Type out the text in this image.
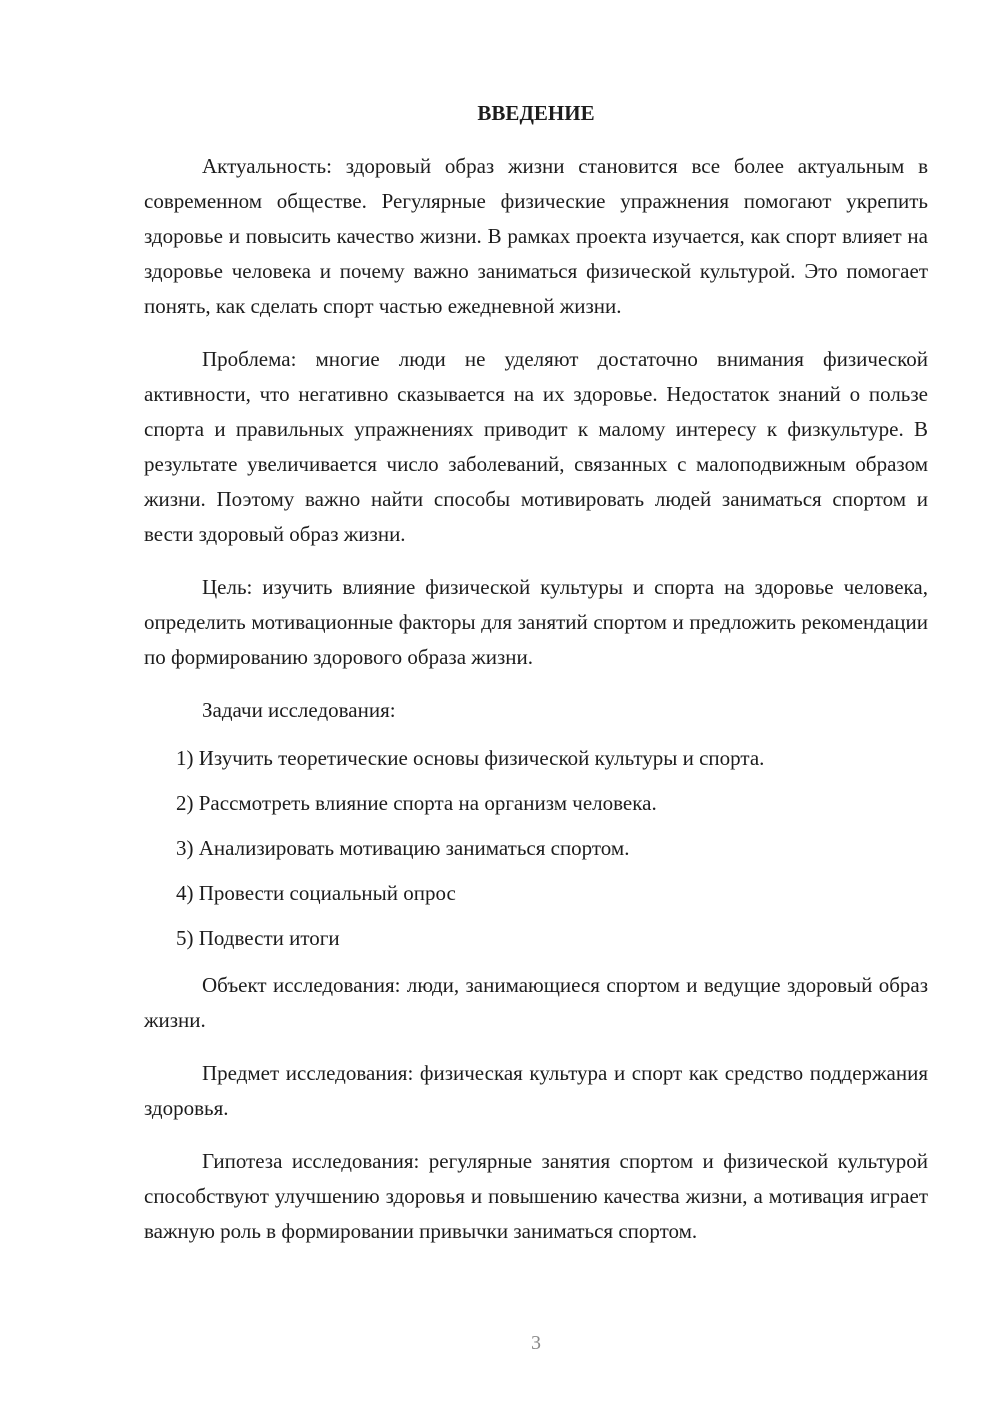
ВВЕДЕНИЕ

Актуальность: здоровый образ жизни становится все более актуальным в современном обществе. Регулярные физические упражнения помогают укрепить здоровье и повысить качество жизни. В рамках проекта изучается, как спорт влияет на здоровье человека и почему важно заниматься физической культурой. Это помогает понять, как сделать спорт частью ежедневной жизни.

Проблема: многие люди не уделяют достаточно внимания физической активности, что негативно сказывается на их здоровье. Недостаток знаний о пользе спорта и правильных упражнениях приводит к малому интересу к физкультуре. В результате увеличивается число заболеваний, связанных с малоподвижным образом жизни. Поэтому важно найти способы мотивировать людей заниматься спортом и вести здоровый образ жизни.

Цель: изучить влияние физической культуры и спорта на здоровье человека, определить мотивационные факторы для занятий спортом и предложить рекомендации по формированию здорового образа жизни.

Задачи исследования:

1) Изучить теоретические основы физической культуры и спорта.
2) Рассмотреть влияние спорта на организм человека.
3) Анализировать мотивацию заниматься спортом.
4) Провести социальный опрос
5) Подвести итоги

Объект исследования: люди, занимающиеся спортом и ведущие здоровый образ жизни.

Предмет исследования: физическая культура и спорт как средство поддержания здоровья.

Гипотеза исследования: регулярные занятия спортом и физической культурой способствуют улучшению здоровья и повышению качества жизни, а мотивация играет важную роль в формировании привычки заниматься спортом.

3
